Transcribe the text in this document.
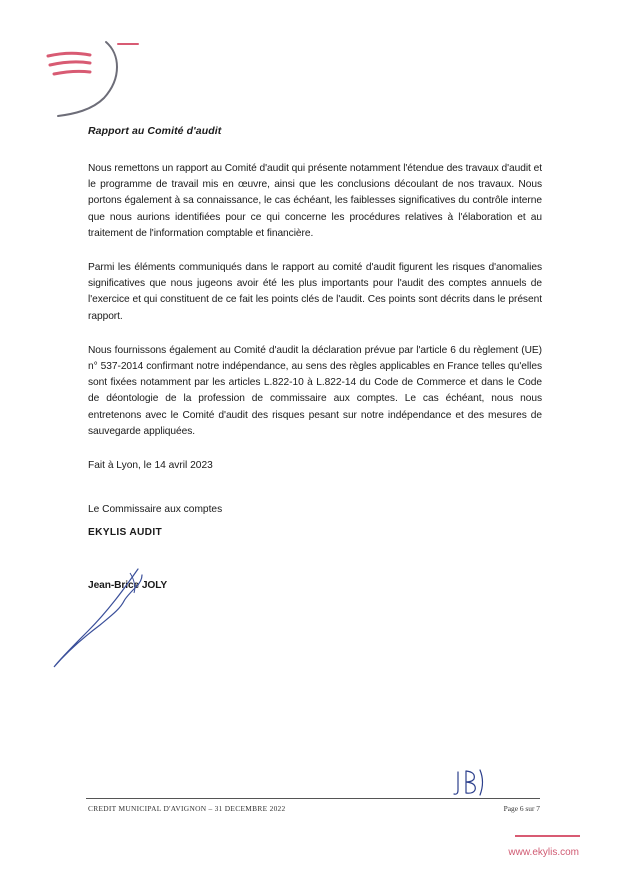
Rapport au Comité d'audit

Nous remettons un rapport au Comité d'audit qui présente notamment l'étendue des travaux d'audit et le programme de travail mis en œuvre, ainsi que les conclusions découlant de nos travaux. Nous portons également à sa connaissance, le cas échéant, les faiblesses significatives du contrôle interne que nous aurions identifiées pour ce qui concerne les procédures relatives à l'élaboration et au traitement de l'information comptable et financière.

Parmi les éléments communiqués dans le rapport au comité d'audit figurent les risques d'anomalies significatives que nous jugeons avoir été les plus importants pour l'audit des comptes annuels de l'exercice et qui constituent de ce fait les points clés de l'audit. Ces points sont décrits dans le présent rapport.

Nous fournissons également au Comité d'audit la déclaration prévue par l'article 6 du règlement (UE) n° 537-2014 confirmant notre indépendance, au sens des règles applicables en France telles qu'elles sont fixées notamment par les articles L.822-10 à L.822-14 du Code de Commerce et dans le Code de déontologie de la profession de commissaire aux comptes. Le cas échéant, nous nous entretenons avec le Comité d'audit des risques pesant sur notre indépendance et des mesures de sauvegarde appliquées.

Fait à Lyon, le 14 avril 2023
Le Commissaire aux comptes
EKYLIS AUDIT
Jean-Brice JOLY
CREDIT MUNICIPAL D'AVIGNON – 31 DECEMBRE 2022	Page 6 sur 7
www.ekylis.com
